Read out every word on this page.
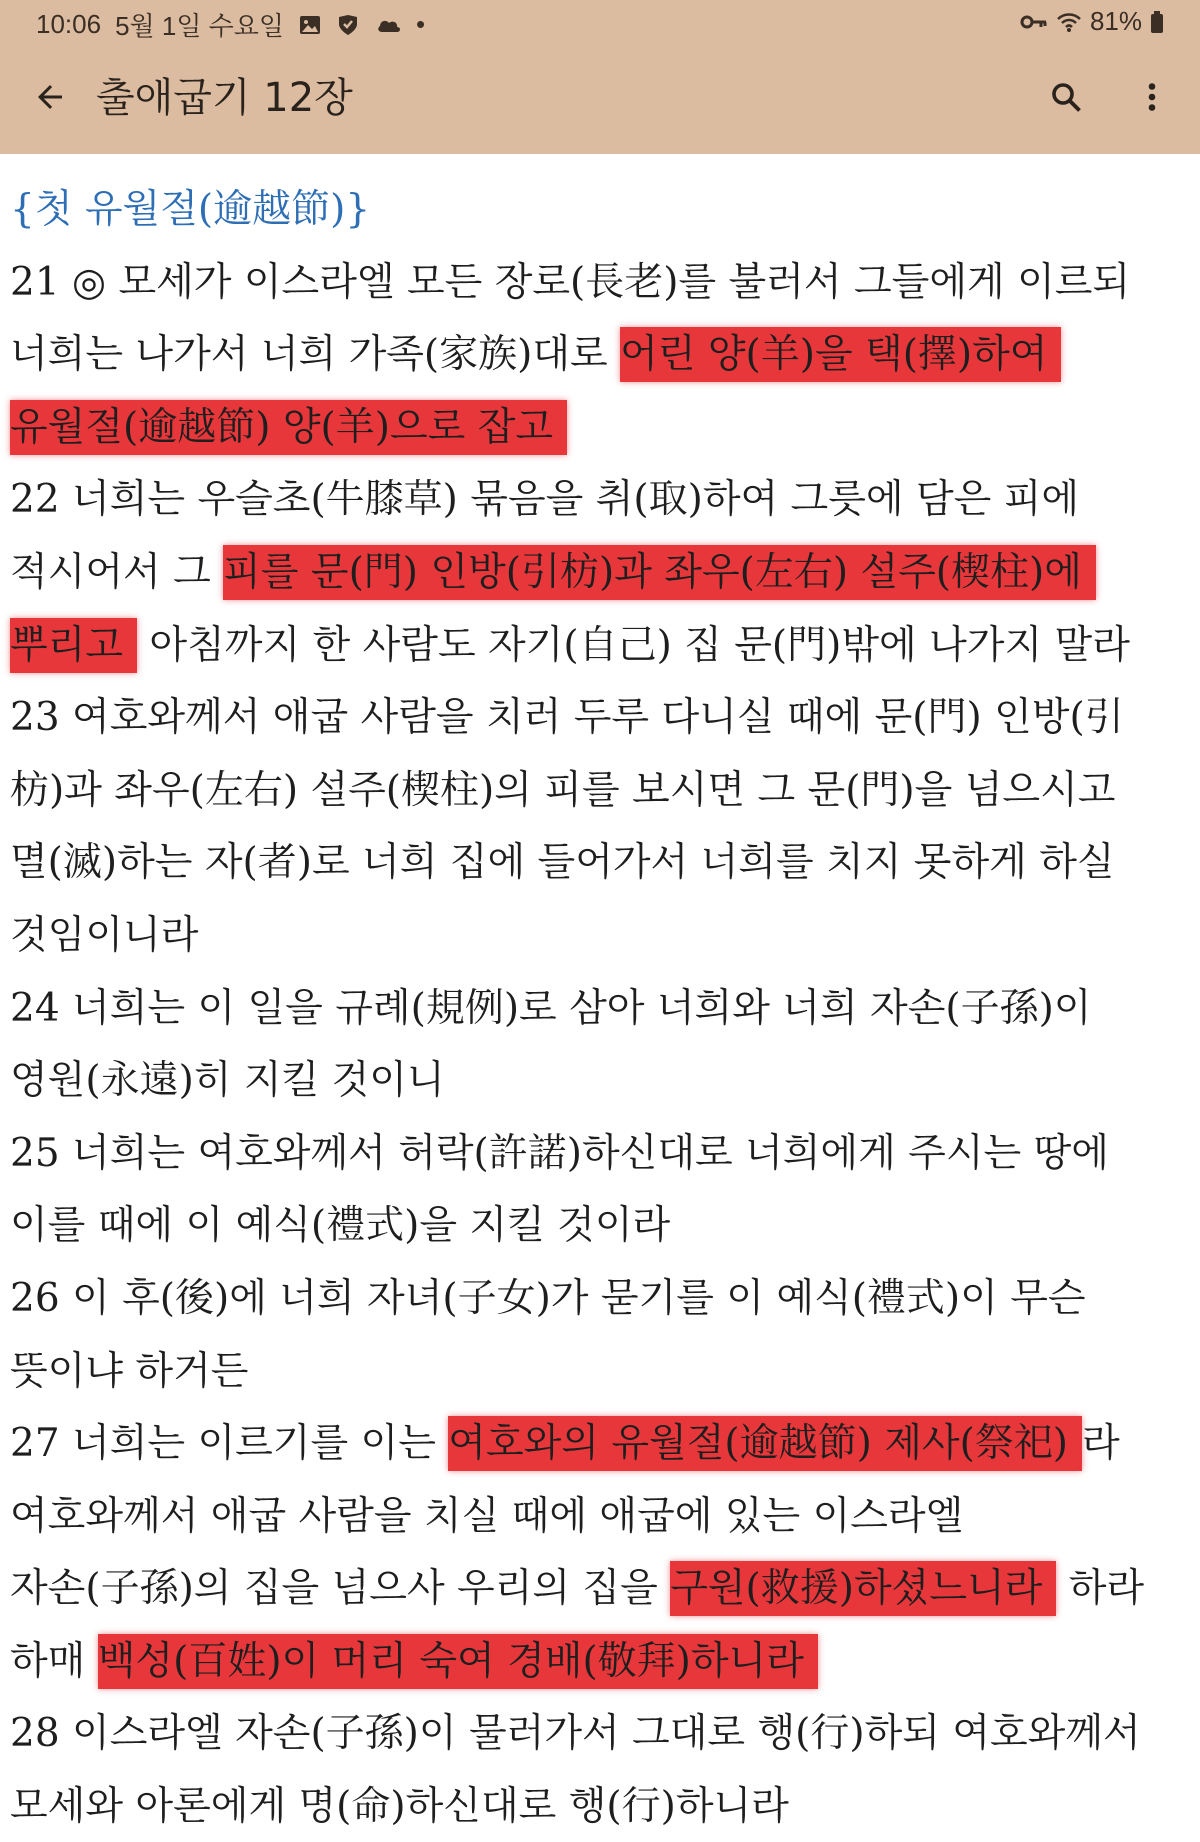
10:06 5월 1일 수요일	•	81%
출애굽기 12장
{첫 유월절(逾越節)}
21 ◎ 모세가 이스라엘 모든 장로(長老)를 불러서 그들에게 이르되
너희는 나가서 너희 가족(家族)대로 어린 양(羊)을 택(擇)하여
유월절(逾越節) 양(羊)으로 잡고
22 너희는 우슬초(牛膝草) 묶음을 취(取)하여 그릇에 담은 피에
적시어서 그 피를 문(門) 인방(引枋)과 좌우(左右) 설주(楔柱)에
뿌리고 아침까지 한 사람도 자기(自己) 집 문(門)밖에 나가지 말라
23 여호와께서 애굽 사람을 치러 두루 다니실 때에 문(門) 인방(引
枋)과 좌우(左右) 설주(楔柱)의 피를 보시면 그 문(門)을 넘으시고
멸(滅)하는 자(者)로 너희 집에 들어가서 너희를 치지 못하게 하실
것임이니라
24 너희는 이 일을 규례(規例)로 삼아 너희와 너희 자손(子孫)이
영원(永遠)히 지킬 것이니
25 너희는 여호와께서 허락(許諾)하신대로 너희에게 주시는 땅에
이를 때에 이 예식(禮式)을 지킬 것이라
26 이 후(後)에 너희 자녀(子女)가 묻기를 이 예식(禮式)이 무슨
뜻이냐 하거든
27 너희는 이르기를 이는 여호와의 유월절(逾越節) 제사(祭祀) 라
여호와께서 애굽 사람을 치실 때에 애굽에 있는 이스라엘
자손(子孫)의 집을 넘으사 우리의 집을 구원(救援)하셨느니라 하라
하매 백성(百姓)이 머리 숙여 경배(敬拜)하니라
28 이스라엘 자손(子孫)이 물러가서 그대로 행(行)하되 여호와께서
모세와 아론에게 명(命)하신대로 행(行)하니라
